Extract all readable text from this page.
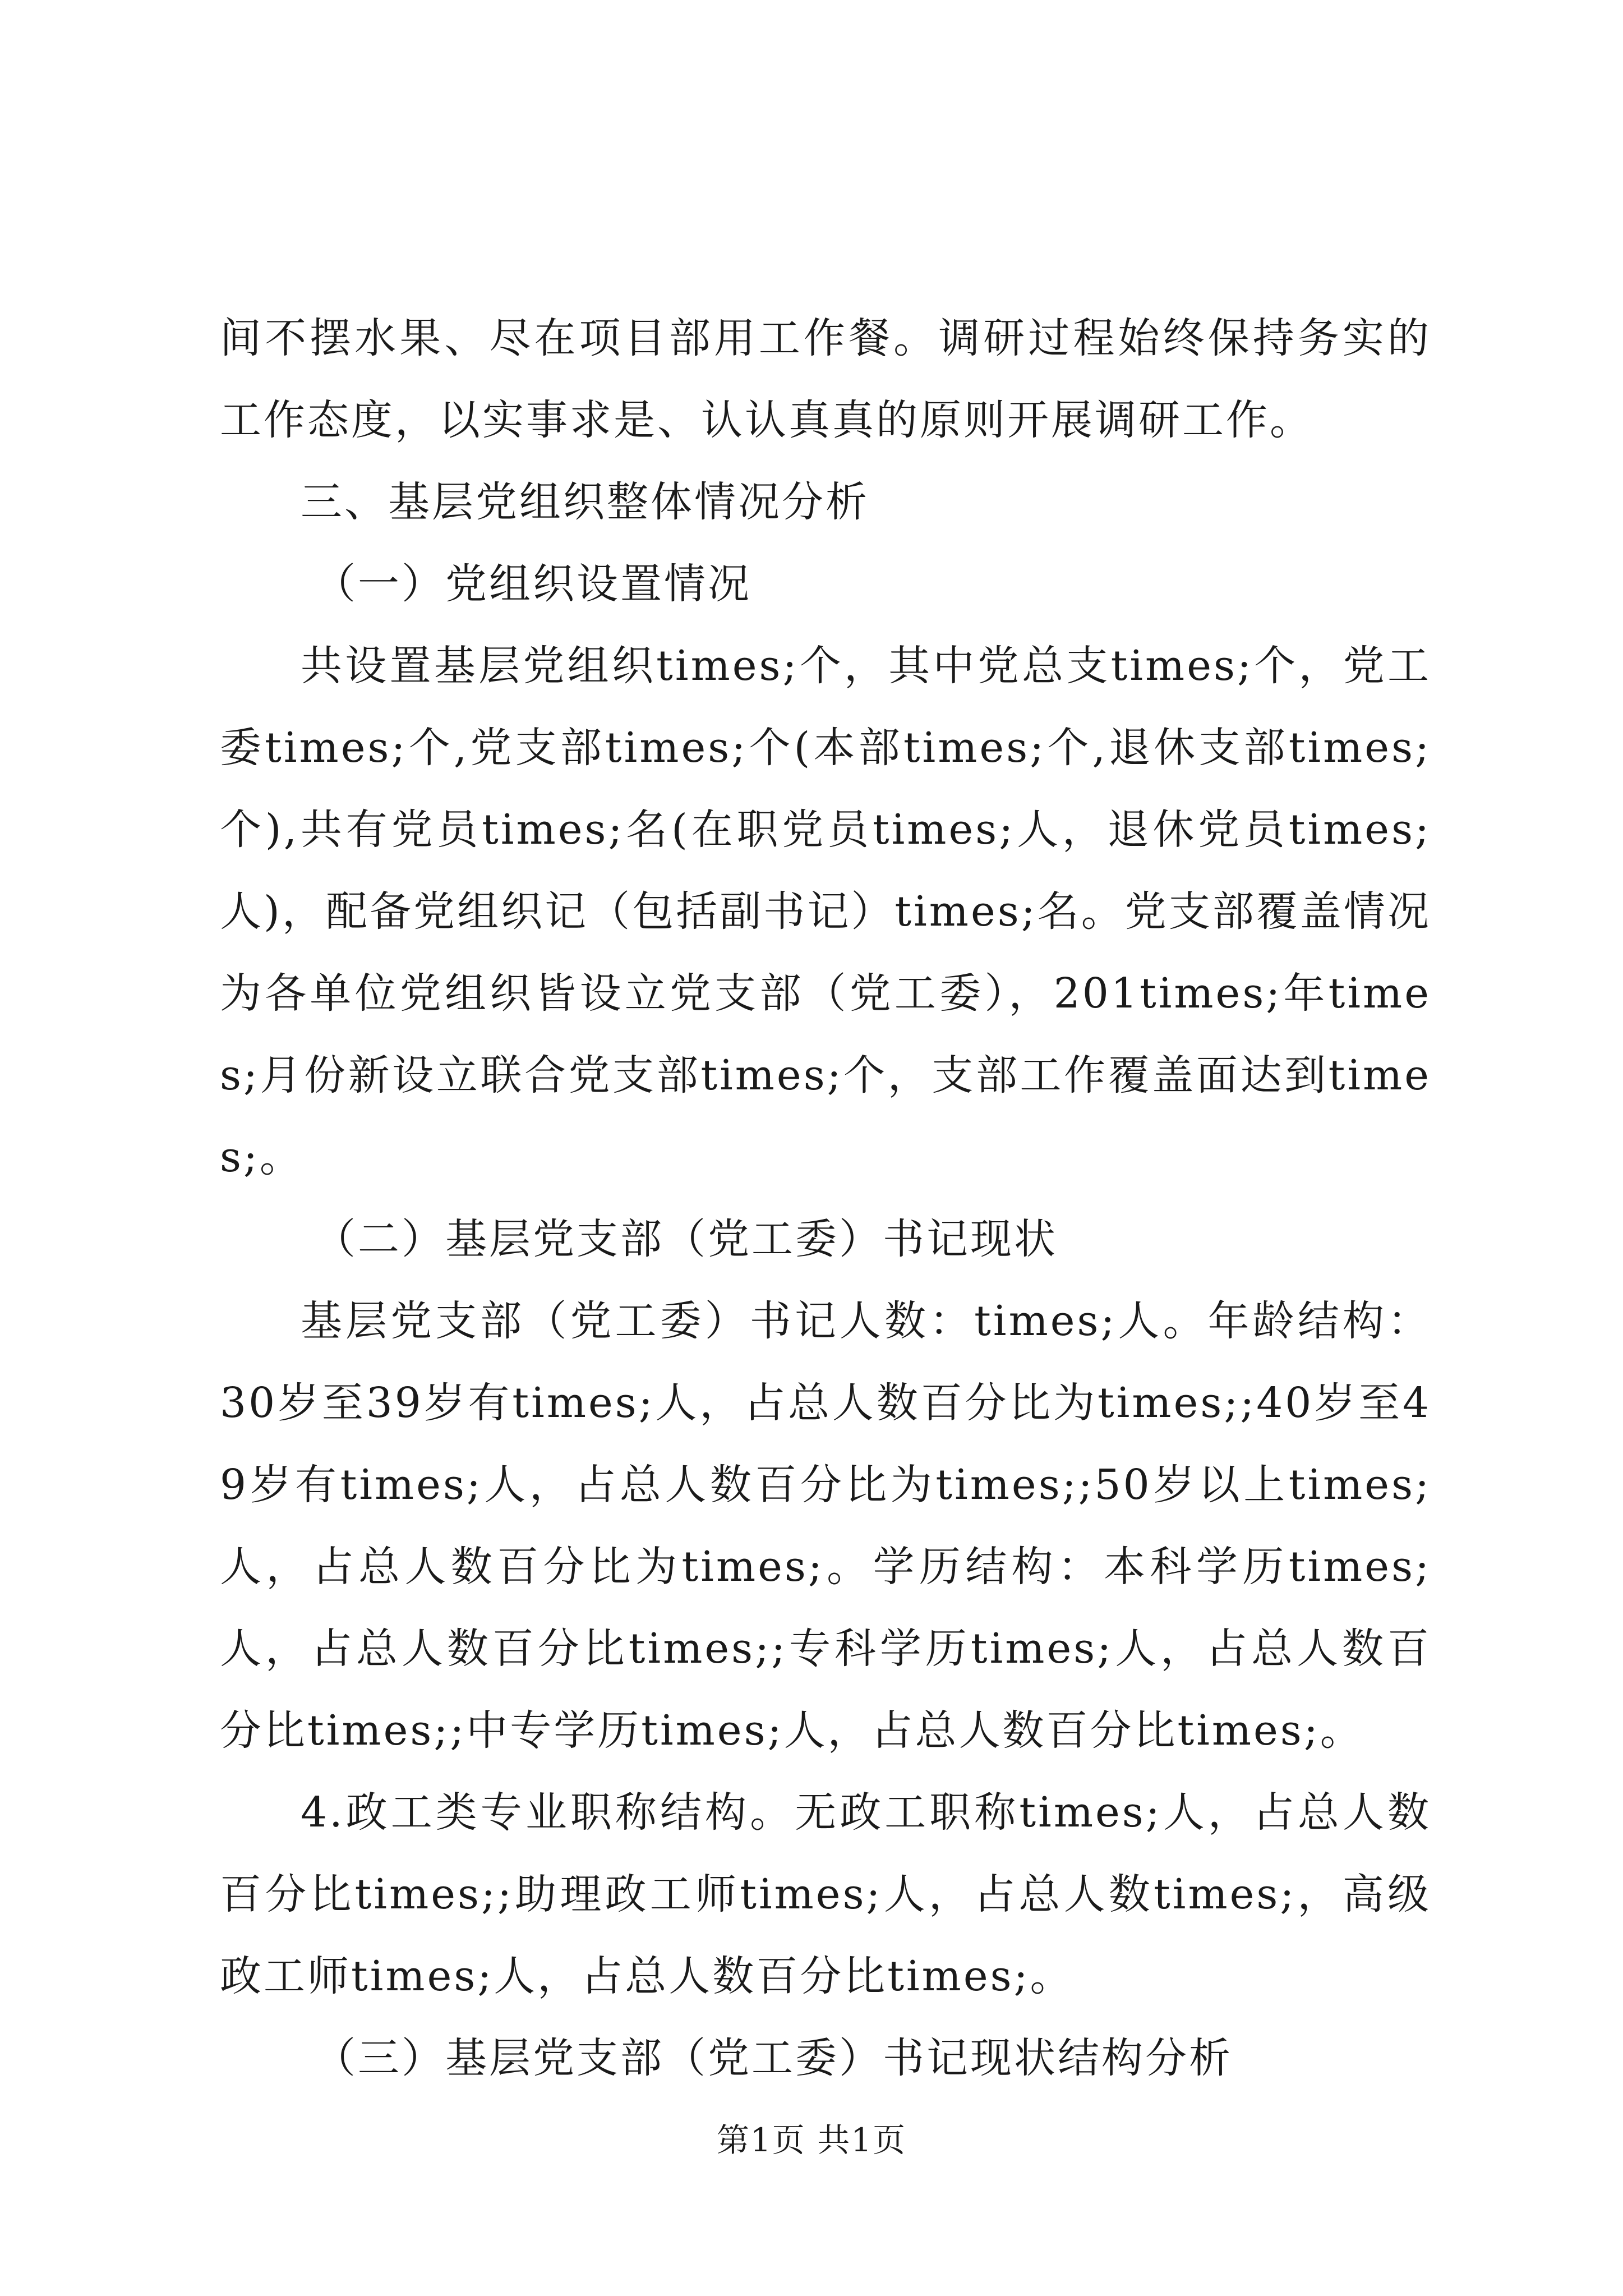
间不摆水果、尽在项目部用工作餐。调研过程始终保持务实的工作态度，以实事求是、认认真真的原则开展调研工作。

三、基层党组织整体情况分析

（一）党组织设置情况

共设置基层党组织times;个，其中党总支times;个，党工委times;个,党支部times;个(本部times;个,退休支部times;个),共有党员times;名(在职党员times;人，退休党员times;人)，配备党组织记（包括副书记）times;名。党支部覆盖情况为各单位党组织皆设立党支部（党工委），201times;年times;月份新设立联合党支部times;个，支部工作覆盖面达到times;。

（二）基层党支部（党工委）书记现状

基层党支部（党工委）书记人数：times;人。年龄结构：30岁至39岁有times;人，占总人数百分比为times;;40岁至49岁有times;人，占总人数百分比为times;;50岁以上times;人，占总人数百分比为times;。学历结构：本科学历times;人，占总人数百分比times;;专科学历times;人，占总人数百分比times;;中专学历times;人，占总人数百分比times;。

4.政工类专业职称结构。无政工职称times;人，占总人数百分比times;;助理政工师times;人，占总人数times;，高级政工师times;人，占总人数百分比times;。

（三）基层党支部（党工委）书记现状结构分析

第1页 共1页
